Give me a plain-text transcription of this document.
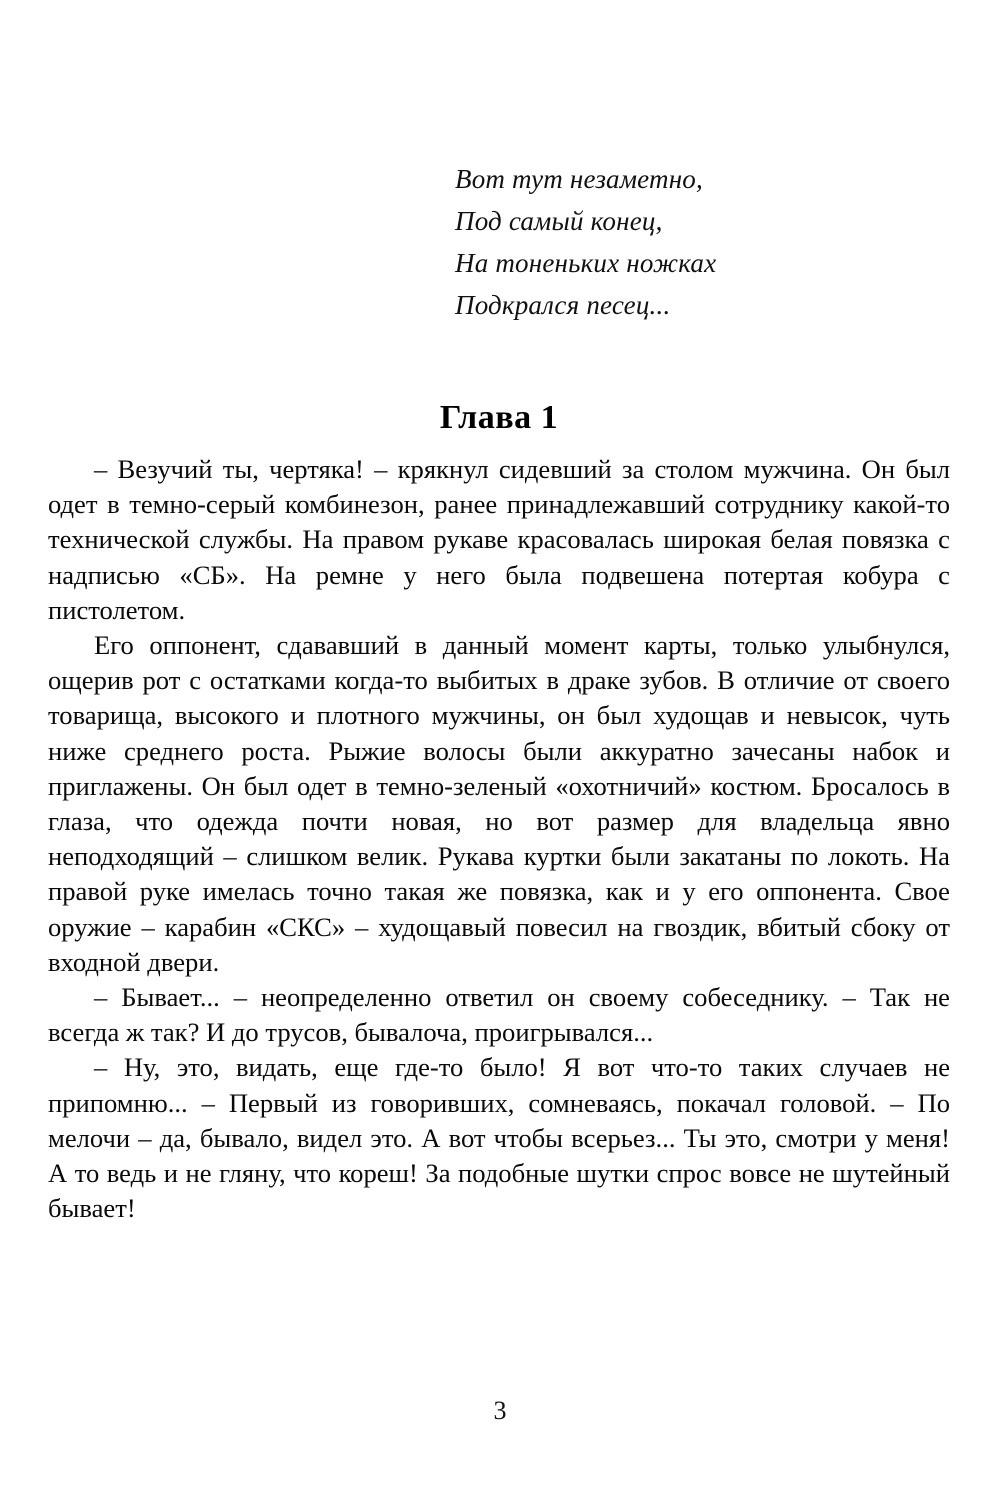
Вот тут незаметно,
Под самый конец,
На тоненьких ножках
Подкрался песец...
Глава 1

– Везучий ты, чертяка! – крякнул сидевший за столом мужчина. Он был одет в темно-серый комбинезон, ранее принадлежавший сотруднику какой-то технической службы. На правом рукаве красовалась широкая белая повязка с надписью «СБ». На ремне у него была подвешена потертая кобура с пистолетом.

Его оппонент, сдававший в данный момент карты, только улыбнулся, ощерив рот с остатками когда-то выбитых в драке зубов. В отличие от своего товарища, высокого и плотного мужчины, он был худощав и невысок, чуть ниже среднего роста. Рыжие волосы были аккуратно зачесаны набок и приглажены. Он был одет в темно-зеленый «охотничий» костюм. Бросалось в глаза, что одежда почти новая, но вот размер для владельца явно неподходящий – слишком велик. Рукава куртки были закатаны по локоть. На правой руке имелась точно такая же повязка, как и у его оппонента. Свое оружие – карабин «СКС» – худощавый повесил на гвоздик, вбитый сбоку от входной двери.

– Бывает... – неопределенно ответил он своему собеседнику. – Так не всегда ж так? И до трусов, бывалоча, проигрывался...

– Ну, это, видать, еще где-то было! Я вот что-то таких случаев не припомню... – Первый из говоривших, сомневаясь, покачал головой. – По мелочи – да, бывало, видел это. А вот чтобы всерьез... Ты это, смотри у меня! А то ведь и не гляну, что кореш! За подобные шутки спрос вовсе не шутейный бывает!

3
